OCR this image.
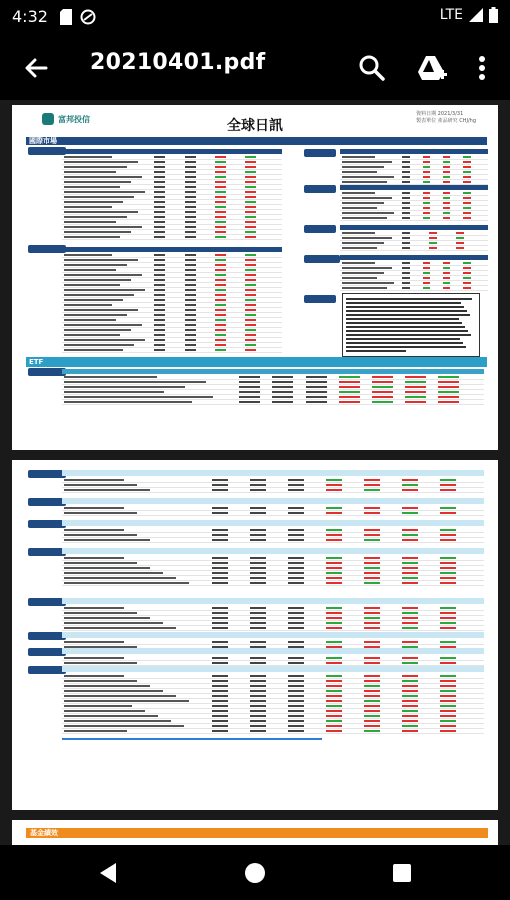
4:32	LTE
20210401.pdf
富邦投信	全球日訊
資料日期 2021/3/31
製表單位 產品研究 CHJ/hg
國際市場
ETF
基金績效
